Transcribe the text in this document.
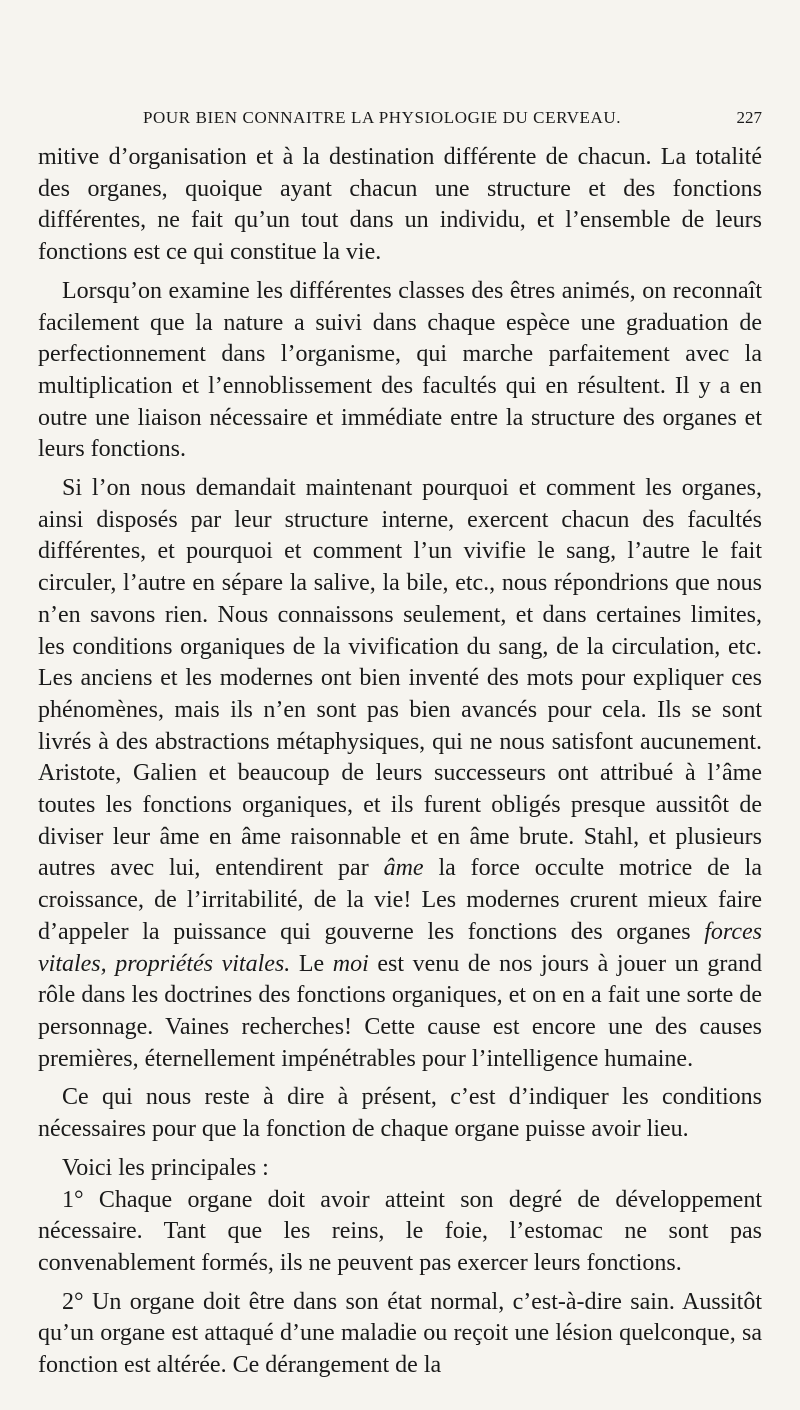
POUR BIEN CONNAITRE LA PHYSIOLOGIE DU CERVEAU.	227

mitive d’organisation et à la destination différente de chacun. La totalité des organes, quoique ayant chacun une structure et des fonctions différentes, ne fait qu’un tout dans un individu, et l’ensemble de leurs fonctions est ce qui constitue la vie.

Lorsqu’on examine les différentes classes des êtres animés, on reconnaît facilement que la nature a suivi dans chaque espèce une graduation de perfectionnement dans l’organisme, qui marche parfaitement avec la multiplication et l’ennoblissement des facultés qui en résultent. Il y a en outre une liaison nécessaire et immédiate entre la structure des organes et leurs fonctions.

Si l’on nous demandait maintenant pourquoi et comment les organes, ainsi disposés par leur structure interne, exercent chacun des facultés différentes, et pourquoi et comment l’un vivifie le sang, l’autre le fait circuler, l’autre en sépare la salive, la bile, etc., nous répondrions que nous n’en savons rien. Nous connaissons seulement, et dans certaines limites, les conditions organiques de la vivification du sang, de la circulation, etc. Les anciens et les modernes ont bien inventé des mots pour expliquer ces phénomènes, mais ils n’en sont pas bien avancés pour cela. Ils se sont livrés à des abstractions métaphysiques, qui ne nous satisfont aucunement. Aristote, Galien et beaucoup de leurs successeurs ont attribué à l’âme toutes les fonctions organiques, et ils furent obligés presque aussitôt de diviser leur âme en âme raisonnable et en âme brute. Stahl, et plusieurs autres avec lui, entendirent par âme la force occulte motrice de la croissance, de l’irritabilité, de la vie! Les modernes crurent mieux faire d’appeler la puissance qui gouverne les fonctions des organes forces vitales, propriétés vitales. Le moi est venu de nos jours à jouer un grand rôle dans les doctrines des fonctions organiques, et on en a fait une sorte de personnage. Vaines recherches! Cette cause est encore une des causes premières, éternellement impénétrables pour l’intelligence humaine.

Ce qui nous reste à dire à présent, c’est d’indiquer les conditions nécessaires pour que la fonction de chaque organe puisse avoir lieu.

Voici les principales :

1° Chaque organe doit avoir atteint son degré de développement nécessaire. Tant que les reins, le foie, l’estomac ne sont pas convenablement formés, ils ne peuvent pas exercer leurs fonctions.

2° Un organe doit être dans son état normal, c’est-à-dire sain. Aussitôt qu’un organe est attaqué d’une maladie ou reçoit une lésion quelconque, sa fonction est altérée. Ce dérangement de la
